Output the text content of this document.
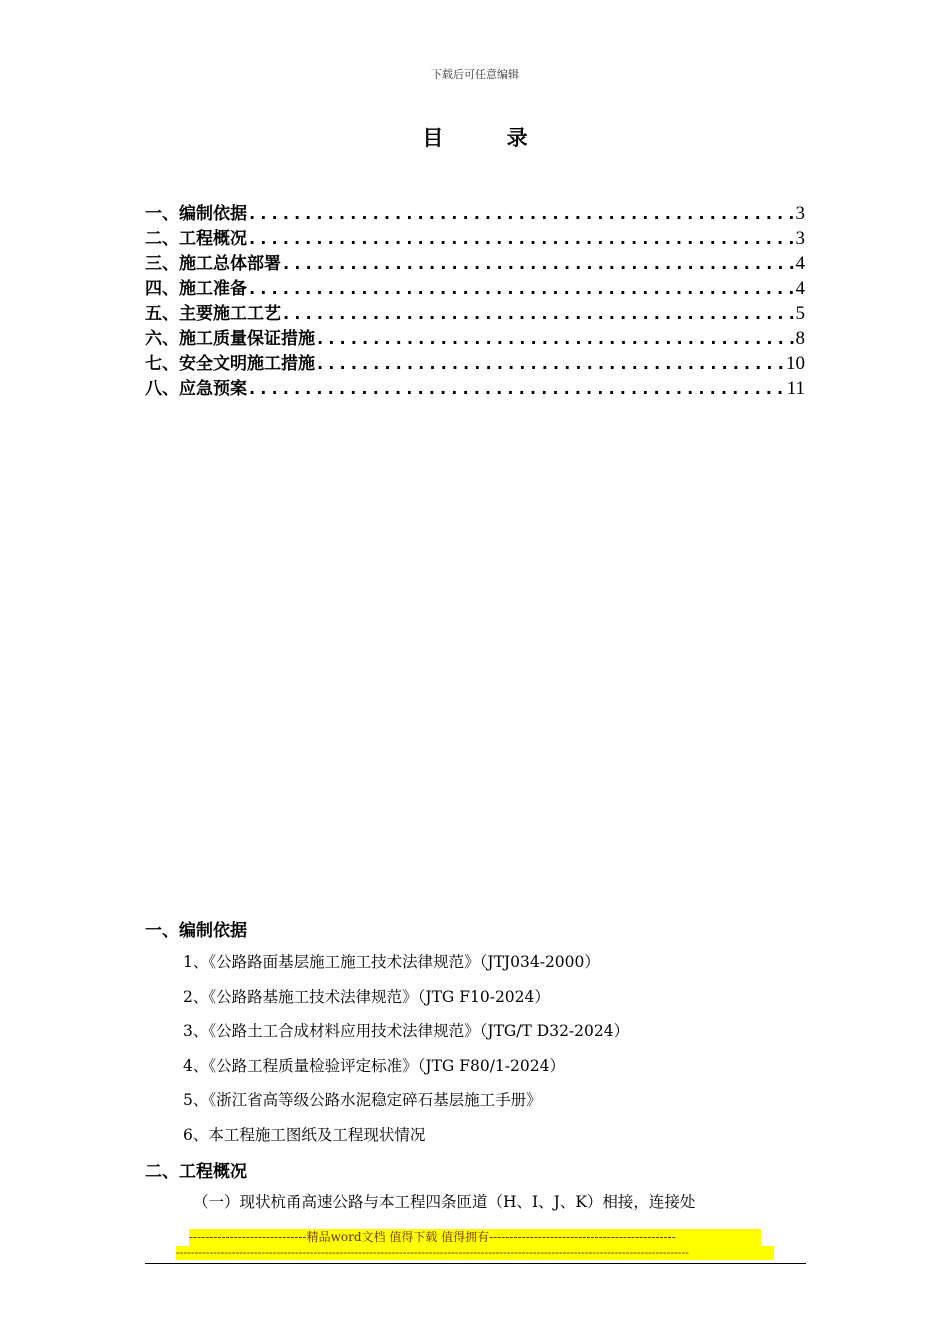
下载后可任意编辑
目 录
一、编制依据 .....	3
二、工程概况 .....	3
三、施工总体部署 .....	4
四、施工准备 .....	4
五、主要施工工艺 .....	5
六、施工质量保证措施 .....	8
七、安全文明施工措施 .....	10
八、应急预案 .....	11
一、编制依据
1、《公路路面基层施工施工技术法律规范》（JTJ034-2000）
2、《公路路基施工技术法律规范》（JTG F10-2024）
3、《公路土工合成材料应用技术法律规范》（JTG/T D32-2024）
4、《公路工程质量检验评定标准》（JTG F80/1-2024）
5、《浙江省高等级公路水泥稳定碎石基层施工手册》
6、本工程施工图纸及工程现状情况
二、工程概况
（一）现状杭甬高速公路与本工程四条匝道（H、I、J、K）相接，连接处
-----------------------------精品word文档 值得下载 值得拥有----------------------------------------------
------------------------------------------------------------------------------------------------------------------------------------------
